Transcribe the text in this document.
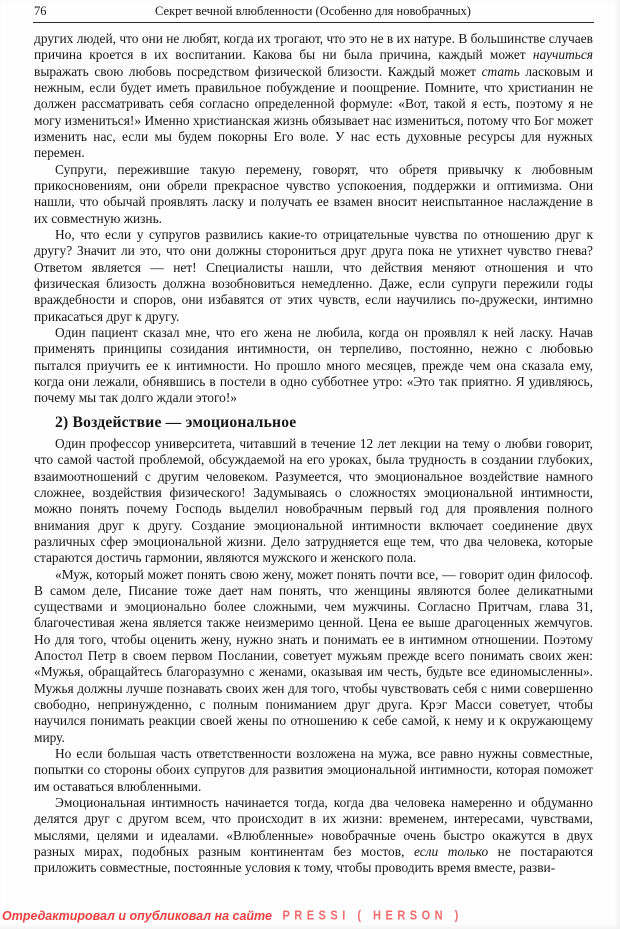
76	Секрет вечной влюбленности (Особенно для новобрачных)

других людей, что они не любят, когда их трогают, что это не в их натуре. В большинстве случаев причина кроется в их воспитании. Какова бы ни была причина, каждый может научиться выражать свою любовь посредством физической близости. Каждый может стать ласковым и нежным, если будет иметь правильное побуждение и поощрение. Помните, что христианин не должен рассматривать себя согласно определенной формуле: «Вот, такой я есть, поэтому я не могу измениться!» Именно христианская жизнь обязывает нас измениться, потому что Бог может изменить нас, если мы будем покорны Его воле. У нас есть духовные ресурсы для нужных перемен.

Супруги, пережившие такую перемену, говорят, что обретя привычку к любовным прикосновениям, они обрели прекрасное чувство успокоения, поддержки и оптимизма. Они нашли, что обычай проявлять ласку и получать ее взамен вносит неиспытанное наслаждение в их совместную жизнь.

Но, что если у супругов развились какие-то отрицательные чувства по отношению друг к другу? Значит ли это, что они должны сторониться друг друга пока не утихнет чувство гнева? Ответом является — нет! Специалисты нашли, что действия меняют отношения и что физическая близость должна возобновиться немедленно. Даже, если супруги пережили годы враждебности и споров, они избавятся от этих чувств, если научились по-дружески, интимно прикасаться друг к другу.

Один пациент сказал мне, что его жена не любила, когда он проявлял к ней ласку. Начав применять принципы созидания интимности, он терпеливо, постоянно, нежно с любовью пытался приучить ее к интимности. Но прошло много месяцев, прежде чем она сказала ему, когда они лежали, обнявшись в постели в одно субботнее утро: «Это так приятно. Я удивляюсь, почему мы так долго ждали этого!»

2) Воздействие — эмоциональное

Один профессор университета, читавший в течение 12 лет лекции на тему о любви говорит, что самой частой проблемой, обсуждаемой на его уроках, была трудность в создании глубоких, взаимоотношений с другим человеком. Разумеется, что эмоциональное воздействие намного сложнее, воздействия физического! Задумываясь о сложностях эмоциональной интимности, можно понять почему Господь выделил новобрачным первый год для проявления полного внимания друг к другу. Создание эмоциональной интимности включает соединение двух различных сфер эмоциональной жизни. Дело затрудняется еще тем, что два человека, которые стараются достичь гармонии, являются мужского и женского пола.

«Муж, который может понять свою жену, может понять почти все, — говорит один философ. В самом деле, Писание тоже дает нам понять, что женщины являются более деликатными существами и эмоционально более сложными, чем мужчины. Согласно Притчам, глава 31, благочестивая жена является также неизмеримо ценной. Цена ее выше драгоценных жемчугов. Но для того, чтобы оценить жену, нужно знать и понимать ее в интимном отношении. Поэтому Апостол Петр в своем первом Послании, советует мужьям прежде всего понимать своих жен: «Мужья, обращайтесь благоразумно с женами, оказывая им честь, будьте все единомысленны». Мужья должны лучше познавать своих жен для того, чтобы чувствовать себя с ними совершенно свободно, непринужденно, с полным пониманием друг друга. Крэг Масси советует, чтобы научился понимать реакции своей жены по отношению к себе самой, к нему и к окружающему миру.

Но если большая часть ответственности возложена на мужа, все равно нужны совместные, попытки со стороны обоих супругов для развития эмоциональной интимности, которая поможет им оставаться влюбленными.

Эмоциональная интимность начинается тогда, когда два человека намеренно и обдуманно делятся друг с другом всем, что происходит в их жизни: временем, интересами, чувствами, мыслями, целями и идеалами. «Влюбленные» новобрачные очень быстро окажутся в двух разных мирах, подобных разным континентам без мостов, если только не постараются приложить совместные, постоянные условия к тому, чтобы проводить время вместе, разви-

Отредактировал и опубликовал на сайте PRESSI ( HERSON )
